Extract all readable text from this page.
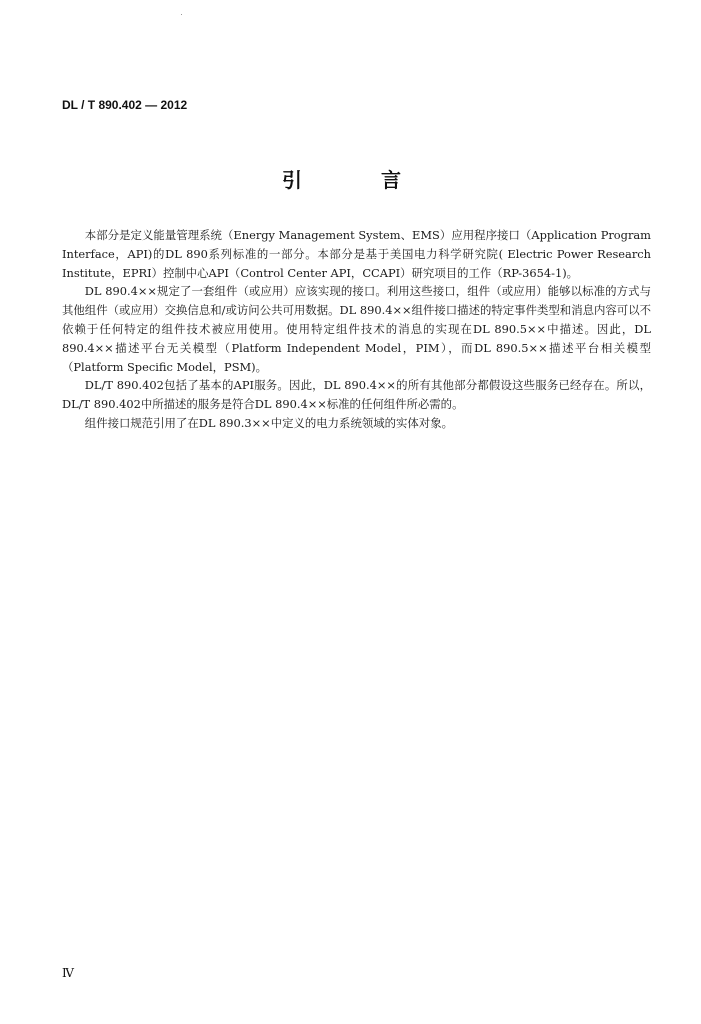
DL / T 890.402 — 2012
引 言

本部分是定义能量管理系统（Energy Management System、EMS）应用程序接口（Application Program Interface，API)的DL 890系列标准的一部分。本部分是基于美国电力科学研究院( Electric Power Research Institute，EPRI）控制中心API（Control Center API，CCAPI）研究项目的工作（RP-3654-1)。

DL 890.4××规定了一套组件（或应用）应该实现的接口。利用这些接口，组件（或应用）能够以标准的方式与其他组件（或应用）交换信息和/或访问公共可用数据。DL 890.4××组件接口描述的特定事件类型和消息内容可以不依赖于任何特定的组件技术被应用使用。使用特定组件技术的消息的实现在DL 890.5××中描述。因此，DL 890.4××描述平台无关模型（Platform Independent Model，PIM），而DL 890.5××描述平台相关模型（Platform Specific Model，PSM)。

DL/T 890.402包括了基本的API服务。因此，DL 890.4××的所有其他部分都假设这些服务已经存在。所以，DL/T 890.402中所描述的服务是符合DL 890.4××标准的任何组件所必需的。

组件接口规范引用了在DL 890.3××中定义的电力系统领域的实体对象。

Ⅳ
